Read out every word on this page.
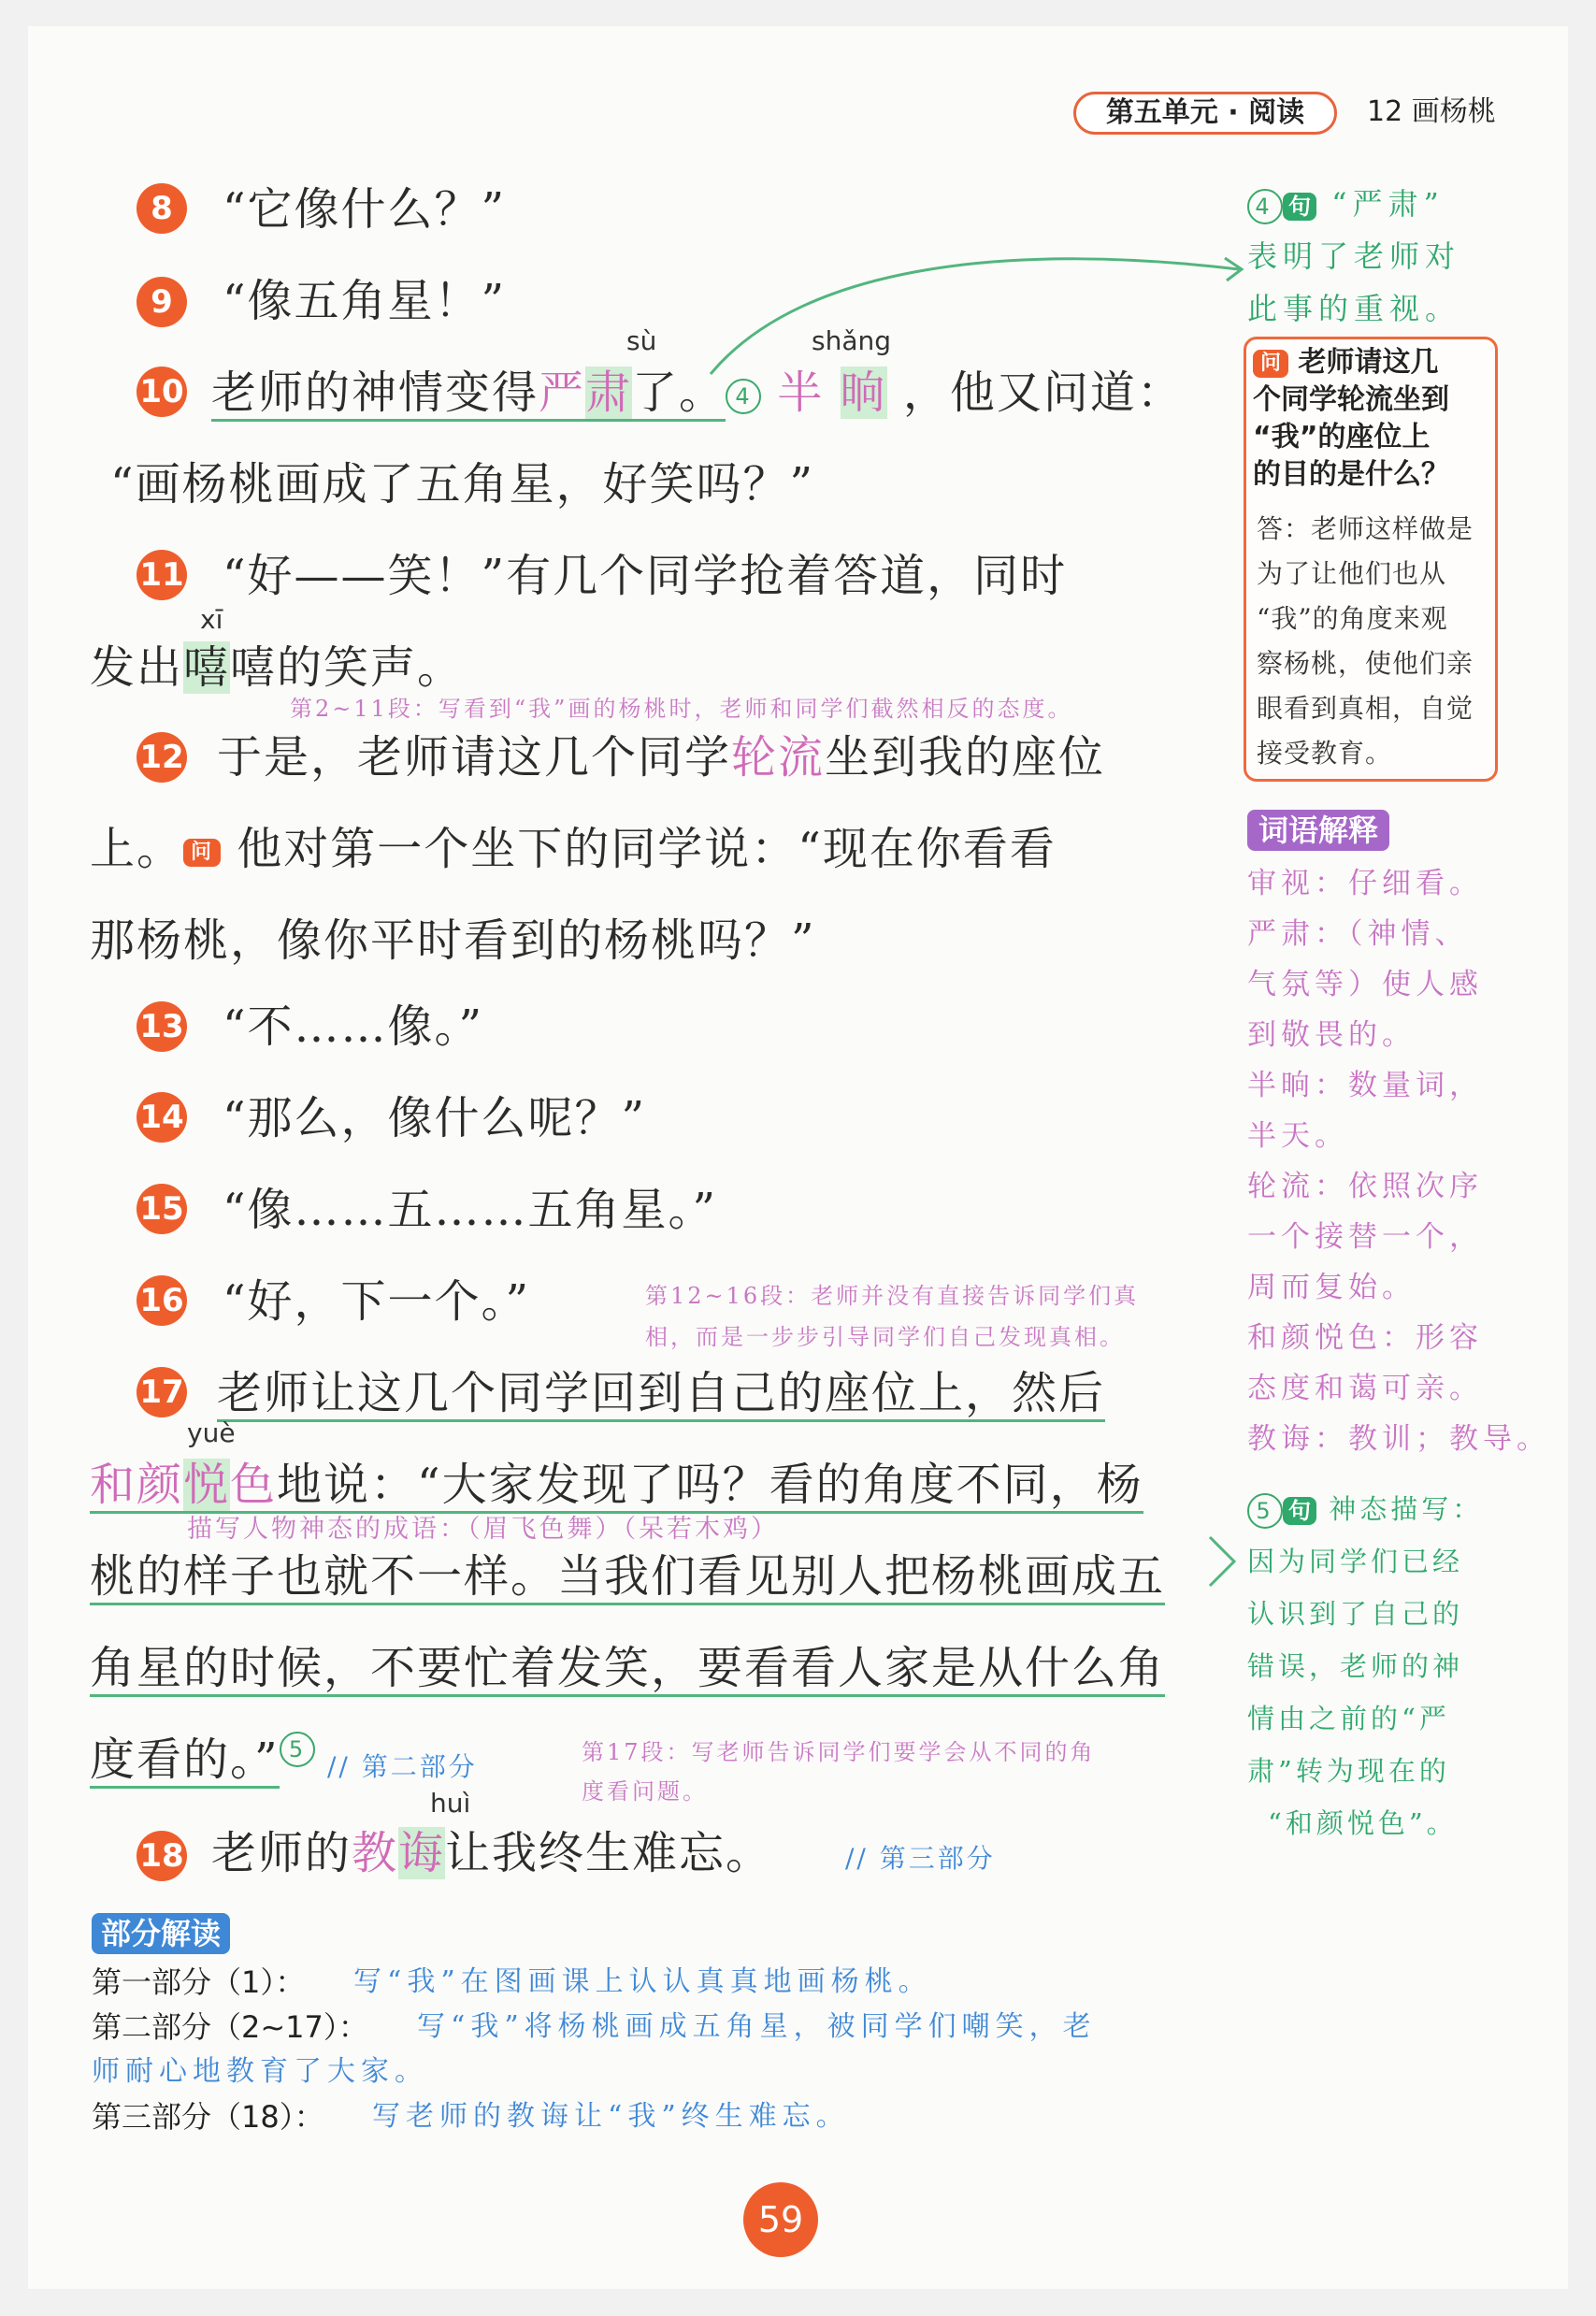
第五单元 · 阅读	12 画杨桃
8
9
10
11
12
13
14
15
16
17
18
“它像什么？”
“像五角星！”
sù	shǎng
老师的神情变得严肃了。 4 半 晌 ，他又问道：
“画杨桃画成了五角星，好笑吗？”
“好——笑！”有几个同学抢着答道，同时
xī
发出嘻嘻的笑声。
第2~11段：写看到“我”画的杨桃时，老师和同学们截然相反的态度。
于是，老师请这几个同学轮流坐到我的座位
上。 问 他对第一个坐下的同学说：“现在你看看
那杨桃，像你平时看到的杨桃吗？”
“不……像。”
“那么，像什么呢？”
“像……五……五角星。”
“好，下一个。”	第12~16段：老师并没有直接告诉同学们真
相，而是一步步引导同学们自己发现真相。
老师让这几个同学回到自己的座位上，然后
yuè
和颜悦色地说：“大家发现了吗？看的角度不同，杨
描写人物神态的成语：（眉飞色舞）（呆若木鸡）
桃的样子也就不一样。当我们看见别人把杨桃画成五
角星的时候，不要忙着发笑，要看看人家是从什么角
度看的。” 5
// 第二部分	第17段：写老师告诉同学们要学会从不同的角
度看问题。
huì
老师的教诲让我终生难忘。	// 第三部分
4 句 “严肃”
表明了老师对
此事的重视。
问 老师请这几
个同学轮流坐到
“我”的座位上
的目的是什么？
答：老师这样做是
为了让他们也从
“我”的角度来观
察杨桃，使他们亲
眼看到真相，自觉
接受教育。
词语解释
审视：仔细看。
严肃：（神情、
气氛等）使人感
到敬畏的。
半晌：数量词，
半天。
轮流：依照次序
一个接替一个，
周而复始。
和颜悦色：形容
态度和蔼可亲。
教诲：教训；教导。
5 句 神态描写：
因为同学们已经
认识到了自己的
错误，老师的神
情由之前的“严
肃”转为现在的
“和颜悦色”。
部分解读
第一部分（1）： 写“我”在图画课上认认真真地画杨桃。
第二部分（2~17）： 写“我”将杨桃画成五角星，被同学们嘲笑，老
师耐心地教育了大家。
第三部分（18）： 写老师的教诲让“我”终生难忘。
59
